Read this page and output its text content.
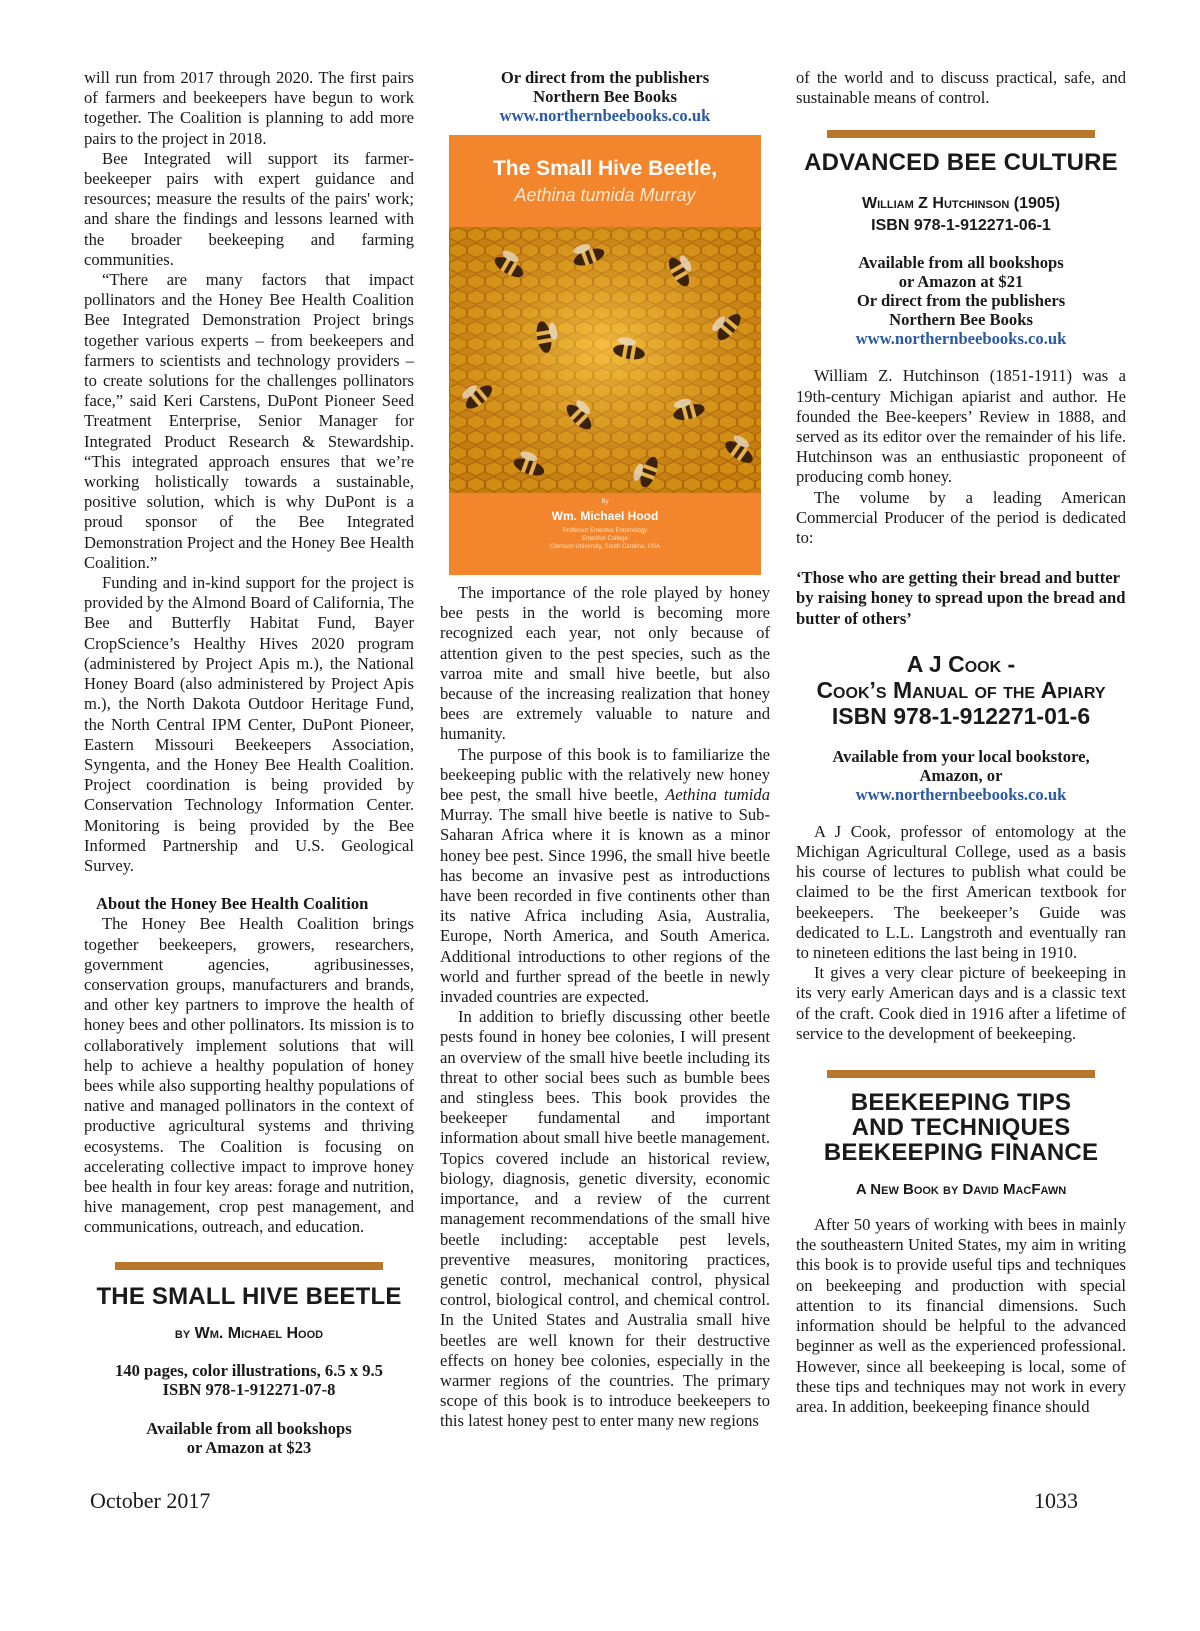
will run from 2017 through 2020. The first pairs of farmers and beekeepers have begun to work together. The Coalition is planning to add more pairs to the project in 2018.

Bee Integrated will support its farmer-beekeeper pairs with expert guidance and resources; measure the results of the pairs' work; and share the findings and lessons learned with the broader beekeeping and farming communities.

“There are many factors that impact pollinators and the Honey Bee Health Coalition Bee Integrated Demonstration Project brings together various experts – from beekeepers and farmers to scientists and technology providers – to create solutions for the challenges pollinators face,” said Keri Carstens, DuPont Pioneer Seed Treatment Enterprise, Senior Manager for Integrated Product Research & Stewardship. “This integrated approach ensures that we’re working holistically towards a sustainable, positive solution, which is why DuPont is a proud sponsor of the Bee Integrated Demonstration Project and the Honey Bee Health Coalition.”

Funding and in-kind support for the project is provided by the Almond Board of California, The Bee and Butterfly Habitat Fund, Bayer CropScience’s Healthy Hives 2020 program (administered by Project Apis m.), the National Honey Board (also administered by Project Apis m.), the North Dakota Outdoor Heritage Fund, the North Central IPM Center, DuPont Pioneer, Eastern Missouri Beekeepers Association, Syngenta, and the Honey Bee Health Coalition. Project coordination is being provided by Conservation Technology Information Center. Monitoring is being provided by the Bee Informed Partnership and U.S. Geological Survey.

About the Honey Bee Health Coalition

The Honey Bee Health Coalition brings together beekeepers, growers, researchers, government agencies, agribusinesses, conservation groups, manufacturers and brands, and other key partners to improve the health of honey bees and other pollinators. Its mission is to collaboratively implement solutions that will help to achieve a healthy population of honey bees while also supporting healthy populations of native and managed pollinators in the context of productive agricultural systems and thriving ecosystems. The Coalition is focusing on accelerating collective impact to improve honey bee health in four key areas: forage and nutrition, hive management, crop pest management, and communications, outreach, and education.

THE SMALL HIVE BEETLE
by Wm. Michael Hood
140 pages, color illustrations, 6.5 x 9.5
ISBN 978-1-912271-07-8
Available from all bookshops
or Amazon at $23
Or direct from the publishers
Northern Bee Books
www.northernbeebooks.co.uk
The Small Hive Beetle,
Aethina tumida Murray
By
Wm. Michael Hood
Professor Emeritus Entomology
Emeritus College
Clemson University, South Carolina, USA

The importance of the role played by honey bee pests in the world is becoming more recognized each year, not only because of attention given to the pest species, such as the varroa mite and small hive beetle, but also because of the increasing realization that honey bees are extremely valuable to nature and humanity.

The purpose of this book is to familiarize the beekeeping public with the relatively new honey bee pest, the small hive beetle, Aethina tumida Murray. The small hive beetle is native to Sub-Saharan Africa where it is known as a minor honey bee pest. Since 1996, the small hive beetle has become an invasive pest as introductions have been recorded in five continents other than its native Africa including Asia, Australia, Europe, North America, and South America. Additional introductions to other regions of the world and further spread of the beetle in newly invaded countries are expected.

In addition to briefly discussing other beetle pests found in honey bee colonies, I will present an overview of the small hive beetle including its threat to other social bees such as bumble bees and stingless bees. This book provides the beekeeper fundamental and important information about small hive beetle management. Topics covered include an historical review, biology, diagnosis, genetic diversity, economic importance, and a review of the current management recommendations of the small hive beetle including: acceptable pest levels, preventive measures, monitoring practices, genetic control, mechanical control, physical control, biological control, and chemical control. In the United States and Australia small hive beetles are well known for their destructive effects on honey bee colonies, especially in the warmer regions of the countries. The primary scope of this book is to introduce beekeepers to this latest honey pest to enter many new regions

of the world and to discuss practical, safe, and sustainable means of control.

ADVANCED BEE CULTURE
William Z Hutchinson (1905)
ISBN 978-1-912271-06-1
Available from all bookshops
or Amazon at $21
Or direct from the publishers
Northern Bee Books
www.northernbeebooks.co.uk

William Z. Hutchinson (1851-1911) was a 19th-century Michigan apiarist and author. He founded the Bee-keepers’ Review in 1888, and served as its editor over the remainder of his life. Hutchinson was an enthusiastic proponeent of producing comb honey.

The volume by a leading American Commercial Producer of the period is dedicated to:

‘Those who are getting their bread and butter by raising honey to spread upon the bread and butter of others’
A J Cook -
Cook’s Manual of the Apiary
ISBN 978-1-912271-01-6
Available from your local bookstore,
Amazon, or
www.northernbeebooks.co.uk

A J Cook, professor of entomology at the Michigan Agricultural College, used as a basis his course of lectures to publish what could be claimed to be the first American textbook for beekeepers. The beekeeper’s Guide was dedicated to L.L. Langstroth and eventually ran to nineteen editions the last being in 1910.

It gives a very clear picture of beekeeping in its very early American days and is a classic text of the craft. Cook died in 1916 after a lifetime of service to the development of beekeeping.

BEEKEEPING TIPS
AND TECHNIQUES
BEEKEEPING FINANCE
A New Book by David MacFawn

After 50 years of working with bees in mainly the southeastern United States, my aim in writing this book is to provide useful tips and techniques on beekeeping and production with special attention to its financial dimensions. Such information should be helpful to the advanced beginner as well as the experienced professional. However, since all beekeeping is local, some of these tips and techniques may not work in every area. In addition, beekeeping finance should

October 2017	1033
